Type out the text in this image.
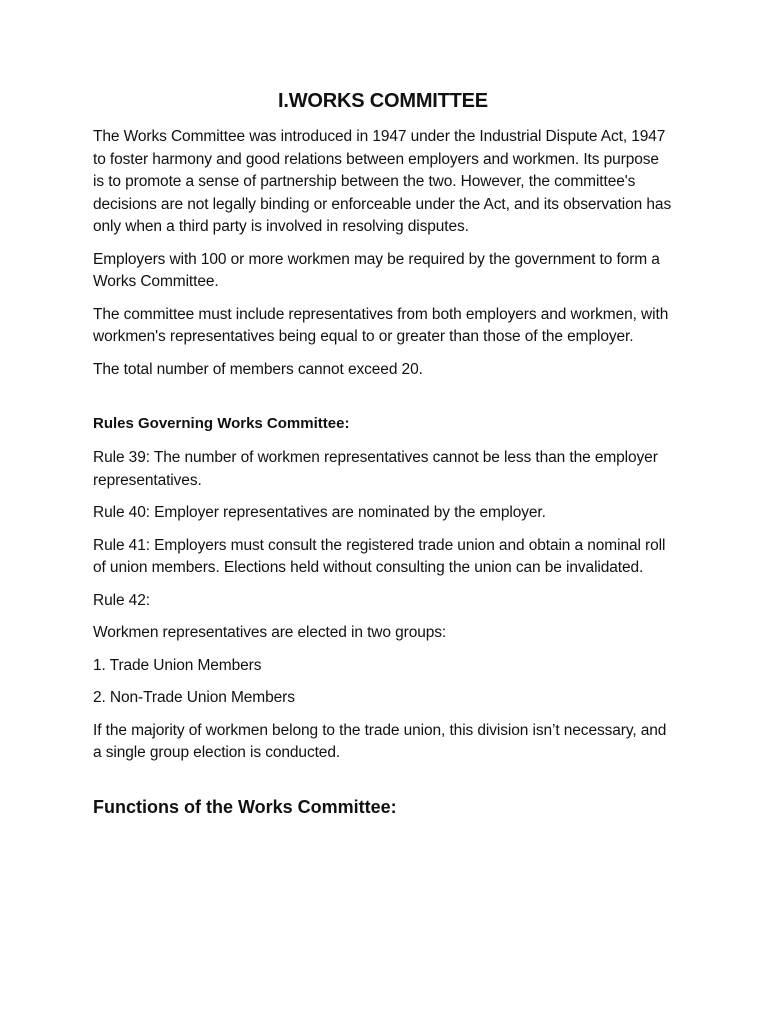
I.WORKS COMMITTEE

The Works Committee was introduced in 1947 under the Industrial Dispute Act, 1947 to foster harmony and good relations between employers and workmen. Its purpose is to promote a sense of partnership between the two. However, the committee's decisions are not legally binding or enforceable under the Act, and its observation has only when a third party is involved in resolving disputes.

Employers with 100 or more workmen may be required by the government to form a Works Committee.

The committee must include representatives from both employers and workmen, with workmen's representatives being equal to or greater than those of the employer.

The total number of members cannot exceed 20.

Rules Governing Works Committee:

Rule 39: The number of workmen representatives cannot be less than the employer representatives.

Rule 40: Employer representatives are nominated by the employer.

Rule 41: Employers must consult the registered trade union and obtain a nominal roll of union members. Elections held without consulting the union can be invalidated.

Rule 42:

Workmen representatives are elected in two groups:

1. Trade Union Members

2. Non-Trade Union Members

If the majority of workmen belong to the trade union, this division isn’t necessary, and a single group election is conducted.

Functions of the Works Committee:
